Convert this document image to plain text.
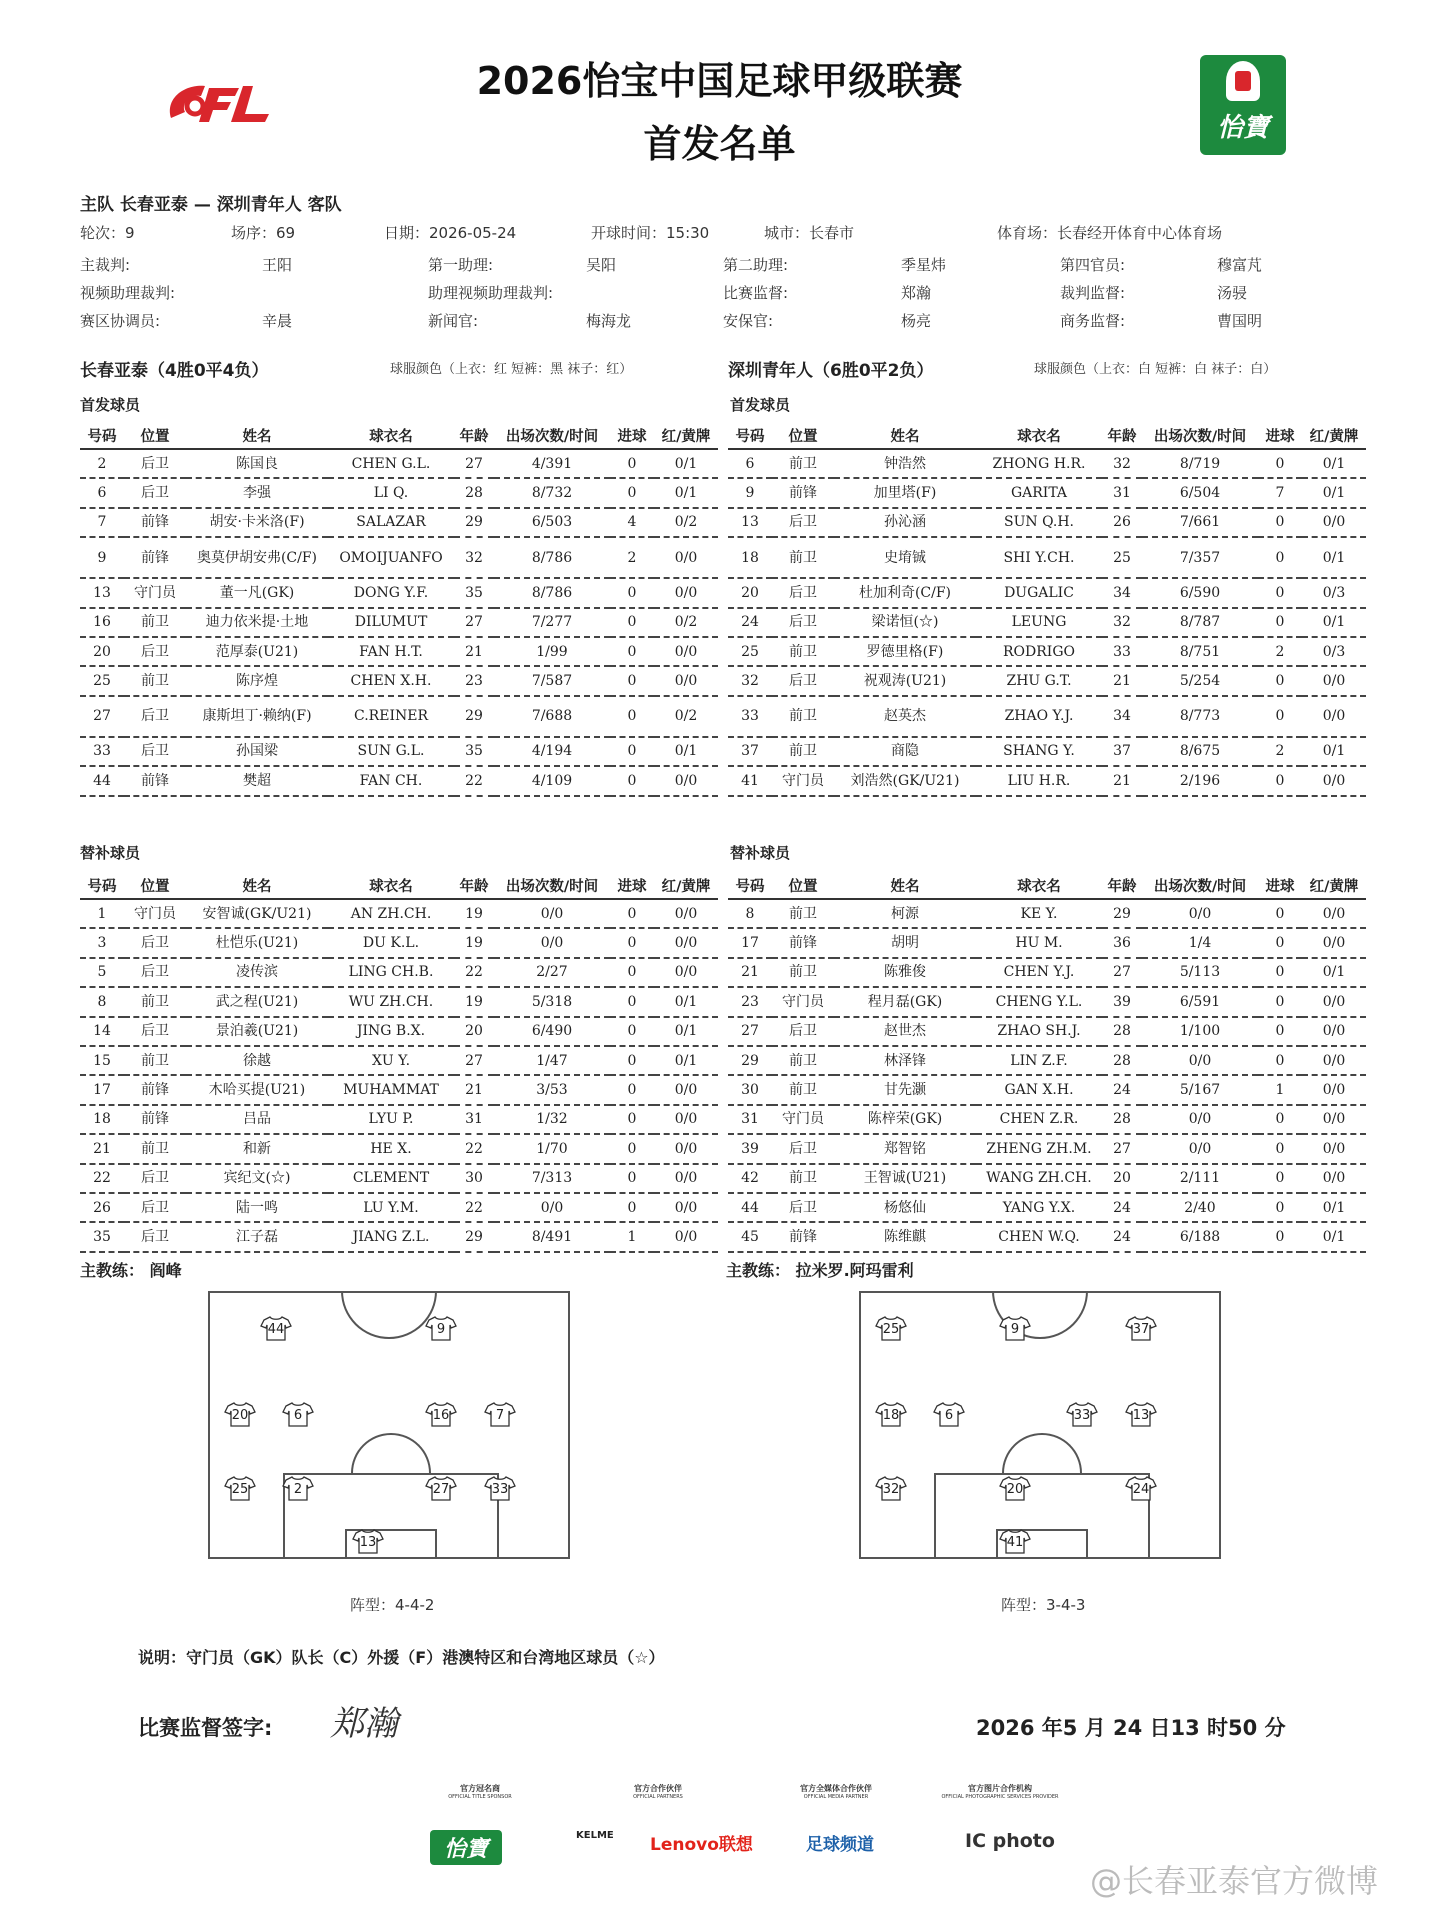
2026怡宝中国足球甲级联赛
首发名单	怡寶
主队 长春亚泰 — 深圳青年人 客队
轮次：9	场序：69	日期：2026-05-24	开球时间：15:30	城市：长春市	体育场：长春经开体育中心体育场
主裁判:	王阳	第一助理:	吴阳	第二助理:	季星炜	第四官员:	穆富芃
视频助理裁判:	助理视频助理裁判:	比赛监督:	郑瀚	裁判监督:	汤骎
赛区协调员:	辛晨	新闻官:	梅海龙	安保官:	杨亮	商务监督:	曹国明
长春亚泰（4胜0平4负）	球服颜色（上衣：红 短裤：黑 袜子：红）	深圳青年人（6胜0平2负）	球服颜色（上衣：白 短裤：白 袜子：白）
首发球员	首发球员
号码	位置	姓名	球衣名	年龄	出场次数/时间	进球	红/黄牌
2	后卫	陈国良	CHEN G.L.	27	4/391	0	0/1
6	后卫	李强	LI Q.	28	8/732	0	0/1
7	前锋	胡安·卡米洛(F)	SALAZAR	29	6/503	4	0/2
9	前锋	奥莫伊胡安弗(C/F)	OMOIJUANFO	32	8/786	2	0/0
13	守门员	董一凡(GK)	DONG Y.F.	35	8/786	0	0/0
16	前卫	迪力依米提·土地	DILUMUT	27	7/277	0	0/2
20	后卫	范厚泰(U21)	FAN H.T.	21	1/99	0	0/0
25	前卫	陈序煌	CHEN X.H.	23	7/587	0	0/0
27	后卫	康斯坦丁·赖纳(F)	C.REINER	29	7/688	0	0/2
33	后卫	孙国梁	SUN G.L.	35	4/194	0	0/1
44	前锋	樊超	FAN CH.	22	4/109	0	0/0
号码	位置	姓名	球衣名	年龄	出场次数/时间	进球	红/黄牌
6	前卫	钟浩然	ZHONG H.R.	32	8/719	0	0/1
9	前锋	加里塔(F)	GARITA	31	6/504	7	0/1
13	后卫	孙沁涵	SUN Q.H.	26	7/661	0	0/0
18	前卫	史堉铖	SHI Y.CH.	25	7/357	0	0/1
20	后卫	杜加利奇(C/F)	DUGALIC	34	6/590	0	0/3
24	后卫	梁诺恒(☆)	LEUNG	32	8/787	0	0/1
25	前卫	罗德里格(F)	RODRIGO	33	8/751	2	0/3
32	后卫	祝观涛(U21)	ZHU G.T.	21	5/254	0	0/0
33	前卫	赵英杰	ZHAO Y.J.	34	8/773	0	0/0
37	前卫	商隐	SHANG Y.	37	8/675	2	0/1
41	守门员	刘浩然(GK/U21)	LIU H.R.	21	2/196	0	0/0
替补球员	替补球员
号码	位置	姓名	球衣名	年龄	出场次数/时间	进球	红/黄牌
1	守门员	安智诚(GK/U21)	AN ZH.CH.	19	0/0	0	0/0
3	后卫	杜恺乐(U21)	DU K.L.	19	0/0	0	0/0
5	后卫	凌传滨	LING CH.B.	22	2/27	0	0/0
8	前卫	武之程(U21)	WU ZH.CH.	19	5/318	0	0/1
14	后卫	景泊羲(U21)	JING B.X.	20	6/490	0	0/1
15	前卫	徐越	XU Y.	27	1/47	0	0/1
17	前锋	木哈买提(U21)	MUHAMMAT	21	3/53	0	0/0
18	前锋	吕品	LYU P.	31	1/32	0	0/0
21	前卫	和新	HE X.	22	1/70	0	0/0
22	后卫	宾纪文(☆)	CLEMENT	30	7/313	0	0/0
26	后卫	陆一鸣	LU Y.M.	22	0/0	0	0/0
35	后卫	江子磊	JIANG Z.L.	29	8/491	1	0/0
号码	位置	姓名	球衣名	年龄	出场次数/时间	进球	红/黄牌
8	前卫	柯源	KE Y.	29	0/0	0	0/0
17	前锋	胡明	HU M.	36	1/4	0	0/0
21	前卫	陈雅俊	CHEN Y.J.	27	5/113	0	0/1
23	守门员	程月磊(GK)	CHENG Y.L.	39	6/591	0	0/0
27	后卫	赵世杰	ZHAO SH.J.	28	1/100	0	0/0
29	前卫	林泽锋	LIN Z.F.	28	0/0	0	0/0
30	前卫	甘先灏	GAN X.H.	24	5/167	1	0/0
31	守门员	陈梓荣(GK)	CHEN Z.R.	28	0/0	0	0/0
39	后卫	郑智铭	ZHENG ZH.M.	27	0/0	0	0/0
42	前卫	王智诚(U21)	WANG ZH.CH.	20	2/111	0	0/0
44	后卫	杨悠仙	YANG Y.X.	24	2/40	0	0/1
45	前锋	陈维麒	CHEN W.Q.	24	6/188	0	0/1
主教练： 阎峰	主教练： 拉米罗.阿玛雷利
44	9
20	6	16	7
25	2	27	33
13
25	9	37
18	6	33	13
32	20	24
41
阵型：4-4-2	阵型：3-4-3
说明：守门员（GK）队长（C）外援（F）港澳特区和台湾地区球员（☆）
比赛监督签字: 郑瀚	2026 年5 月 24 日13 时50 分
官方冠名商
OFFICIAL TITLE SPONSOR
怡寶
官方合作伙伴
OFFICIAL PARTNERS
KELME Lenovo联想
官方全媒体合作伙伴
OFFICIAL MEDIA PARTNER
足球频道
官方图片合作机构
OFFICIAL PHOTOGRAPHIC SERVICES PROVIDER
IC photo
@长春亚泰官方微博
